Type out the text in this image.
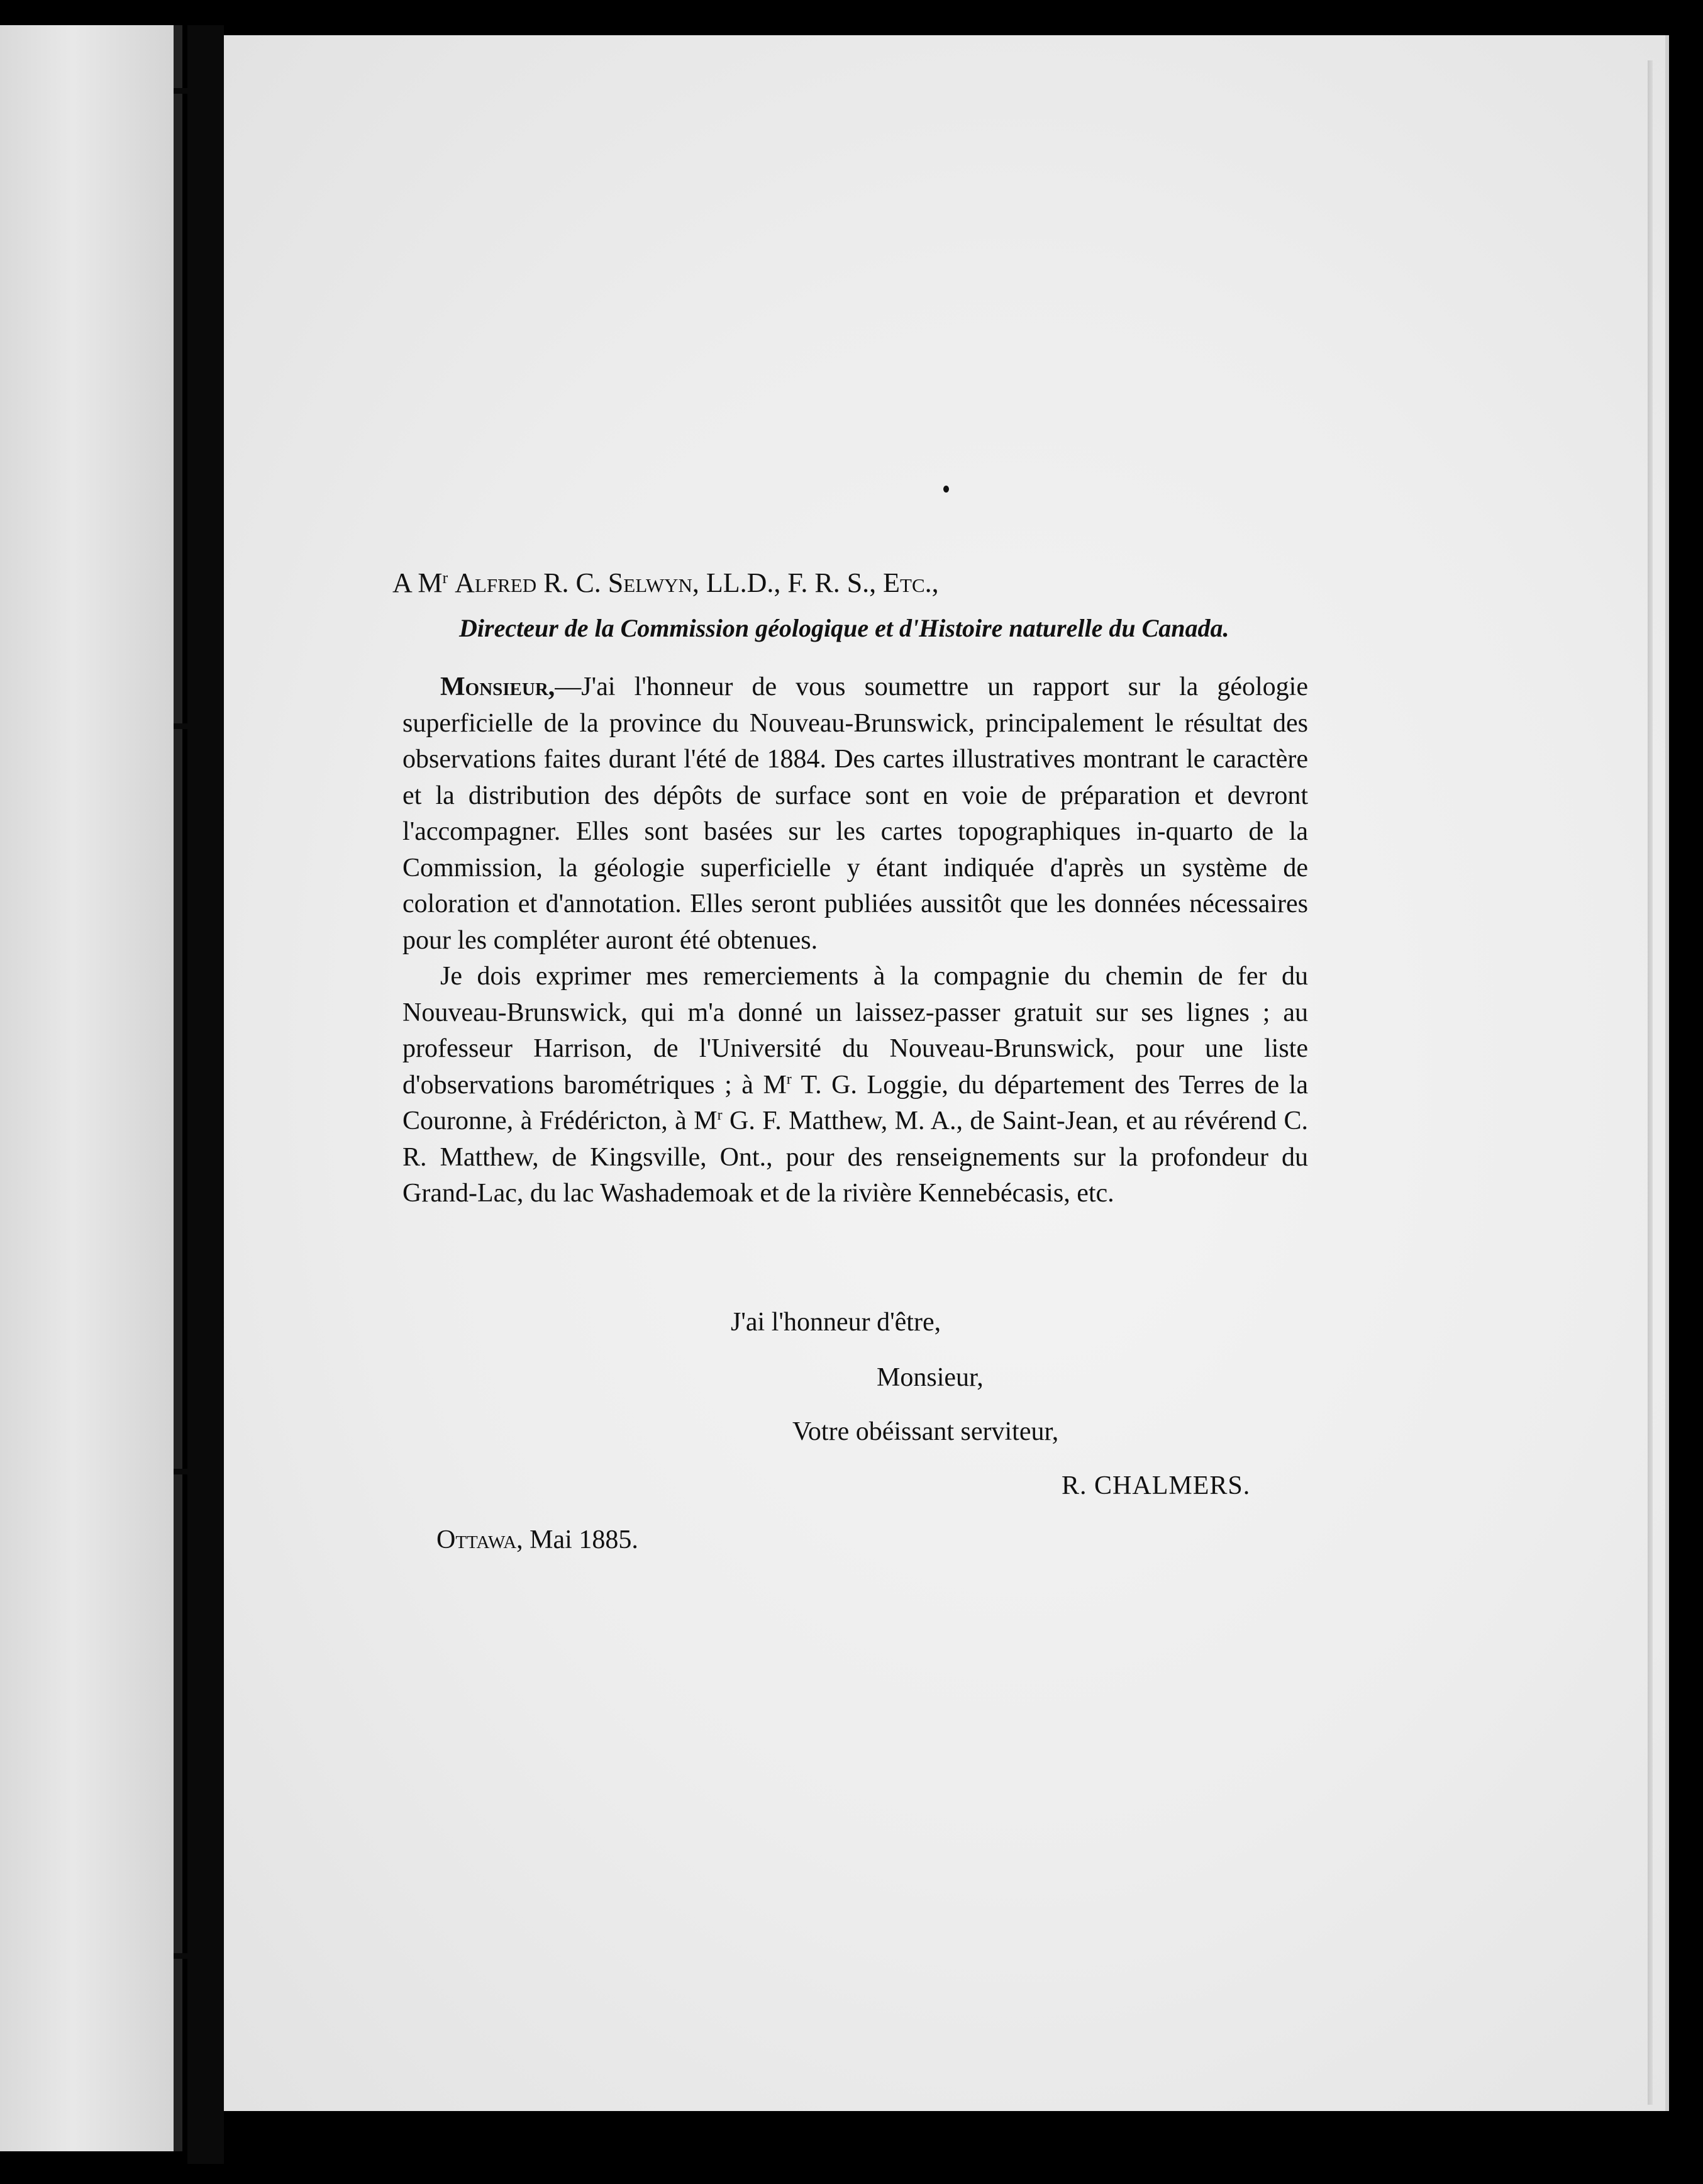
A $M^r$ Alfred R. C. Selwyn, LL.D., F. R. S., Etc.,
Directeur de la Commission géologique et d'Histoire naturelle du Canada.

Monsieur,—J'ai l'honneur de vous soumettre un rapport sur la géologie superficielle de la province du Nouveau-Brunswick, principalement le résultat des observations faites durant l'été de 1884. Des cartes illustratives montrant le caractère et la distribution des dépôts de surface sont en voie de préparation et devront l'accompagner. Elles sont basées sur les cartes topographiques in-quarto de la Commission, la géologie superficielle y étant indiquée d'après un système de coloration et d'annotation. Elles seront publiées aussitôt que les données nécessaires pour les compléter auront été obtenues.

Je dois exprimer mes remerciements à la compagnie du chemin de fer du Nouveau-Brunswick, qui m'a donné un laissez-passer gratuit sur ses lignes ; au professeur Harrison, de l'Université du Nouveau-Brunswick, pour une liste d'observations barométriques ; à $M^r$ T. G. Loggie, du département des Terres de la Couronne, à Frédéricton, à $M^r$ G. F. Matthew, M. A., de Saint-Jean, et au révérend C. R. Matthew, de Kingsville, Ont., pour des renseignements sur la profondeur du Grand-Lac, du lac Washademoak et de la rivière Kennebécasis, etc.

J'ai l'honneur d'être,
Monsieur,
Votre obéissant serviteur,
R. CHALMERS.
Ottawa, Mai 1885.
